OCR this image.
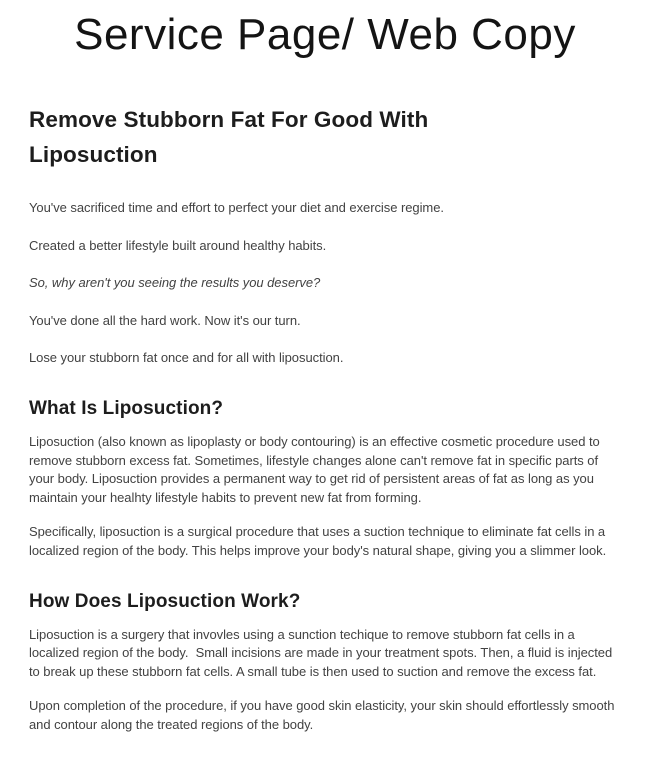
Service Page/ Web Copy
Remove Stubborn Fat For Good With Liposuction

You've sacrificed time and effort to perfect your diet and exercise regime.

Created a better lifestyle built around healthy habits.

So, why aren't you seeing the results you deserve?

You've done all the hard work. Now it's our turn.

Lose your stubborn fat once and for all with liposuction.

What Is Liposuction?

Liposuction (also known as lipoplasty or body contouring) is an effective cosmetic procedure used to remove stubborn excess fat. Sometimes, lifestyle changes alone can't remove fat in specific parts of your body. Liposuction provides a permanent way to get rid of persistent areas of fat as long as you maintain your healhty lifestyle habits to prevent new fat from forming.

Specifically, liposuction is a surgical procedure that uses a suction technique to eliminate fat cells in a localized region of the body. This helps improve your body's natural shape, giving you a slimmer look.

How Does Liposuction Work?

Liposuction is a surgery that invovles using a sunction techique to remove stubborn fat cells in a localized region of the body.  Small incisions are made in your treatment spots. Then, a fluid is injected to break up these stubborn fat cells. A small tube is then used to suction and remove the excess fat.

Upon completion of the procedure, if you have good skin elasticity, your skin should effortlessly smooth and contour along the treated regions of the body.
